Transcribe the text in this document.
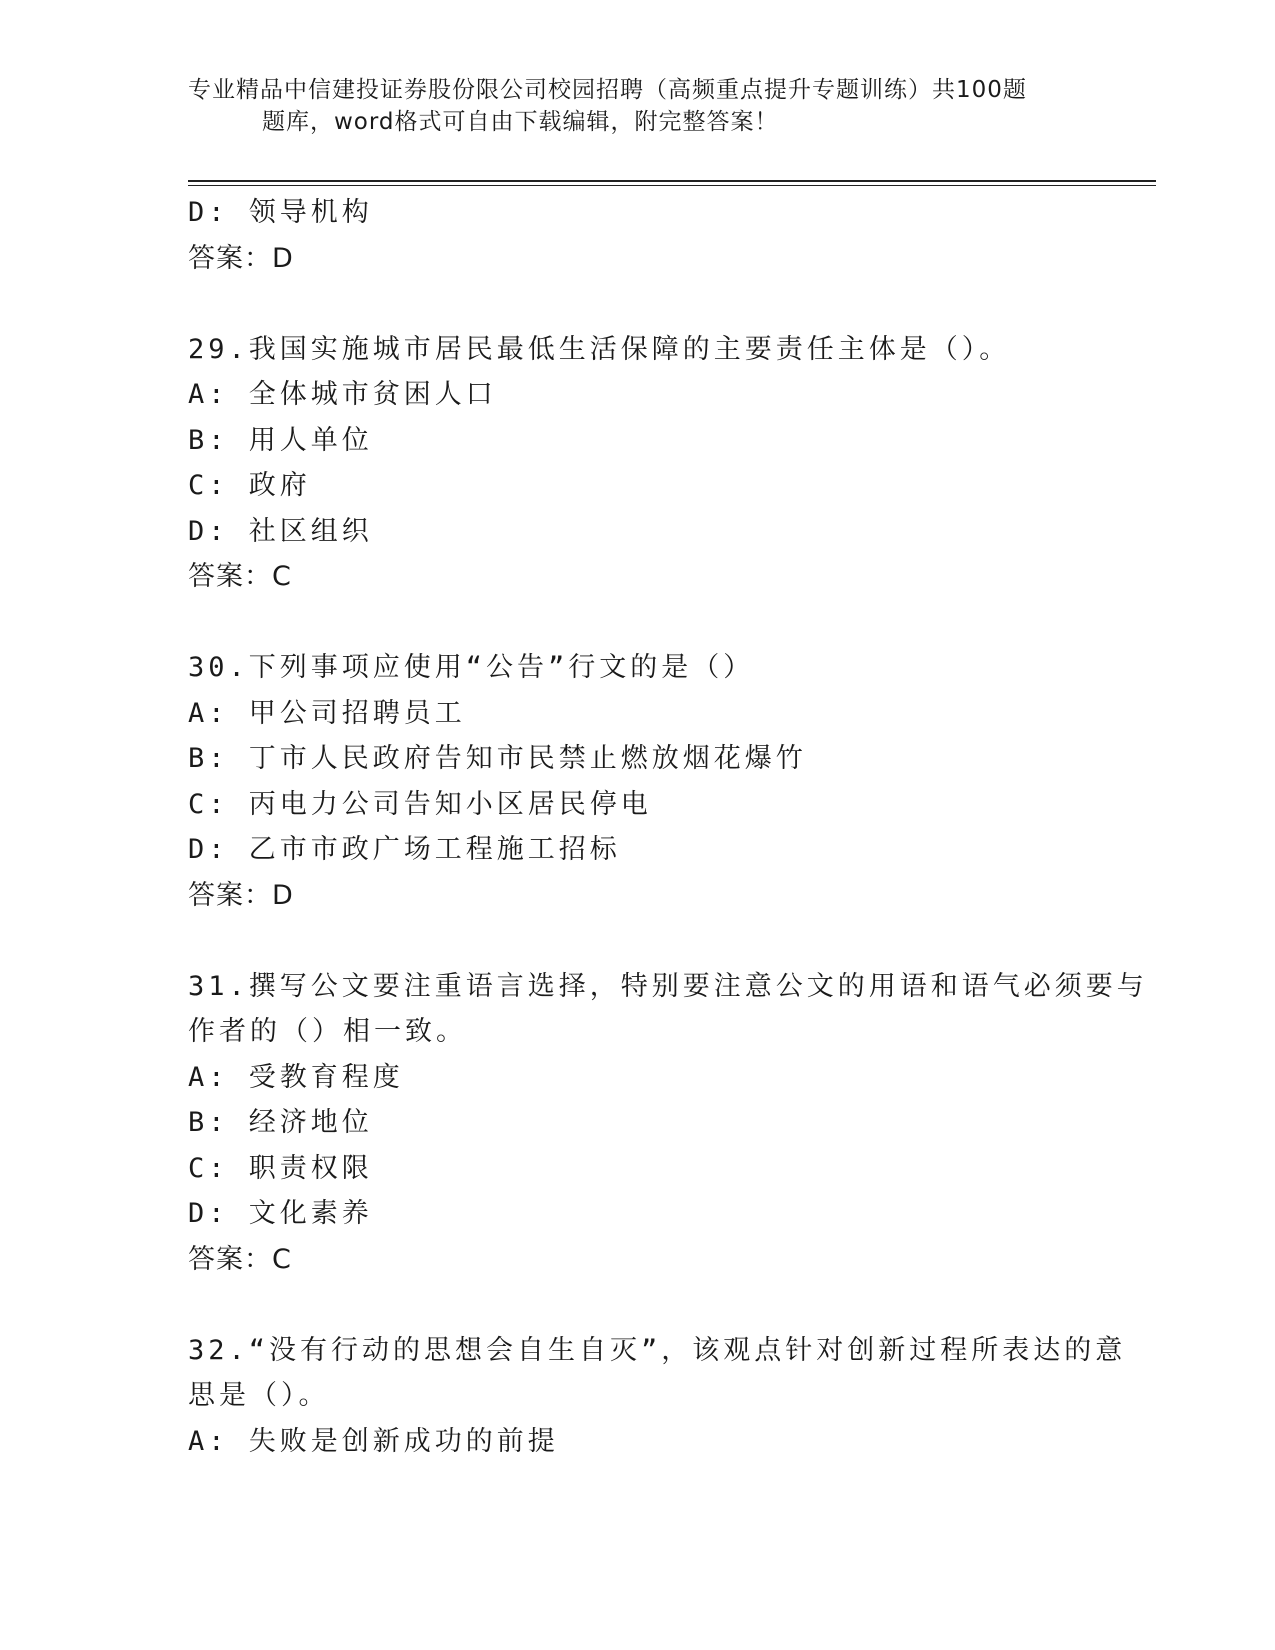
专业精品中信建投证券股份限公司校园招聘（高频重点提升专题训练）共100题
题库，word格式可自由下载编辑，附完整答案！
D: 领导机构
答案：D
29.我国实施城市居民最低生活保障的主要责任主体是（）。
A: 全体城市贫困人口
B: 用人单位
C: 政府
D: 社区组织
答案：C
30.下列事项应使用“公告”行文的是（）
A: 甲公司招聘员工
B: 丁市人民政府告知市民禁止燃放烟花爆竹
C: 丙电力公司告知小区居民停电
D: 乙市市政广场工程施工招标
答案：D
31.撰写公文要注重语言选择，特别要注意公文的用语和语气必须要与
作者的（）相一致。
A: 受教育程度
B: 经济地位
C: 职责权限
D: 文化素养
答案：C
32.“没有行动的思想会自生自灭”，该观点针对创新过程所表达的意
思是（）。
A: 失败是创新成功的前提
